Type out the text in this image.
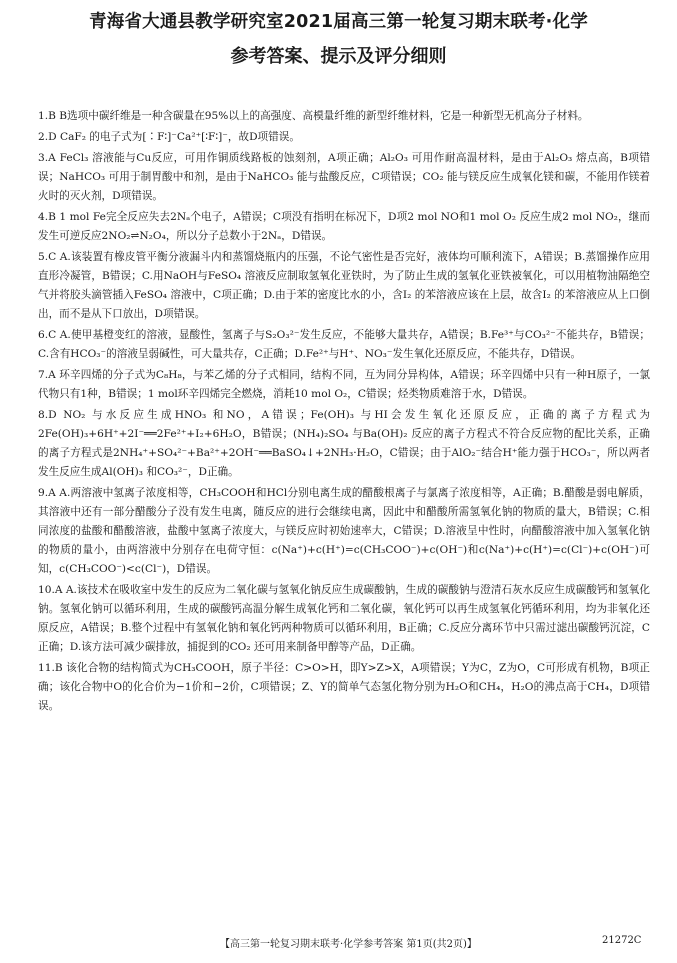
青海省大通县教学研究室2021届高三第一轮复习期末联考·化学
参考答案、提示及评分细则
1.B B选项中碳纤维是一种含碳量在95%以上的高强度、高模量纤维的新型纤维材料，它是一种新型无机高分子材料。
2.D CaF₂ 的电子式为[∶F∶]⁻Ca²⁺[∶F∶]⁻，故D项错误。
3.A FeCl₃ 溶液能与Cu反应，可用作铜质线路板的蚀刻剂，A项正确；Al₂O₃ 可用作耐高温材料，是由于Al₂O₃ 熔点高，B项错误；NaHCO₃ 可用于制胃酸中和剂，是由于NaHCO₃ 能与盐酸反应，C项错误；CO₂ 能与镁反应生成氧化镁和碳，不能用作镁着火时的灭火剂，D项错误。
4.B 1 mol Fe完全反应失去2Nₐ个电子，A错误；C项没有指明在标况下，D项2 mol NO和1 mol O₂ 反应生成2 mol NO₂，继而发生可逆反应2NO₂⇌N₂O₄，所以分子总数小于2Nₐ，D错误。
5.C A.该装置有橡皮管平衡分液漏斗内和蒸馏烧瓶内的压强，不论气密性是否完好，液体均可顺利流下，A错误；B.蒸馏操作应用直形冷凝管，B错误；C.用NaOH与FeSO₄ 溶液反应制取氢氧化亚铁时，为了防止生成的氢氧化亚铁被氧化，可以用植物油隔绝空气并将胶头滴管插入FeSO₄ 溶液中，C项正确；D.由于苯的密度比水的小，含I₂ 的苯溶液应该在上层，故含I₂ 的苯溶液应从上口倒出，而不是从下口放出，D项错误。
6.C A.使甲基橙变红的溶液，显酸性，氢离子与S₂O₃²⁻发生反应，不能够大量共存，A错误；B.Fe³⁺与CO₃²⁻不能共存，B错误；C.含有HCO₃⁻的溶液呈弱碱性，可大量共存，C正确；D.Fe²⁺与H⁺、NO₃⁻发生氧化还原反应，不能共存，D错误。
7.A 环辛四烯的分子式为C₈H₈，与苯乙烯的分子式相同，结构不同，互为同分异构体，A错误；环辛四烯中只有一种H原子，一氯代物只有1种，B错误；1 mol环辛四烯完全燃烧，消耗10 mol O₂，C错误；烃类物质难溶于水，D错误。
8.D NO₂ 与水反应生成HNO₃ 和NO，A错误；Fe(OH)₃ 与HI会发生氧化还原反应，正确的离子方程式为2Fe(OH)₃+6H⁺+2I⁻══2Fe²⁺+I₂+6H₂O，B错误；(NH₄)₂SO₄ 与Ba(OH)₂ 反应的离子方程式不符合反应物的配比关系，正确的离子方程式是2NH₄⁺+SO₄²⁻+Ba²⁺+2OH⁻══BaSO₄↓+2NH₃·H₂O，C错误；由于AlO₂⁻结合H⁺能力强于HCO₃⁻，所以两者发生反应生成Al(OH)₃ 和CO₃²⁻，D正确。
9.A A.两溶液中氢离子浓度相等，CH₃COOH和HCl分别电离生成的醋酸根离子与氯离子浓度相等，A正确；B.醋酸是弱电解质，其溶液中还有一部分醋酸分子没有发生电离，随反应的进行会继续电离，因此中和醋酸所需氢氧化钠的物质的量大，B错误；C.相同浓度的盐酸和醋酸溶液，盐酸中氢离子浓度大，与镁反应时初始速率大，C错误；D.溶液呈中性时，向醋酸溶液中加入氢氧化钠的物质的量小，由两溶液中分别存在电荷守恒：c(Na⁺)+c(H⁺)=c(CH₃COO⁻)+c(OH⁻)和c(Na⁺)+c(H⁺)=c(Cl⁻)+c(OH⁻)可知，c(CH₃COO⁻)<c(Cl⁻)，D错误。
10.A A.该技术在吸收室中发生的反应为二氧化碳与氢氧化钠反应生成碳酸钠，生成的碳酸钠与澄清石灰水反应生成碳酸钙和氢氧化钠。氢氧化钠可以循环利用，生成的碳酸钙高温分解生成氧化钙和二氧化碳，氧化钙可以再生成氢氧化钙循环利用，均为非氧化还原反应，A错误；B.整个过程中有氢氧化钠和氧化钙两种物质可以循环利用，B正确；C.反应分离环节中只需过滤出碳酸钙沉淀，C正确；D.该方法可减少碳排放，捕捉到的CO₂ 还可用来制备甲醇等产品，D正确。
11.B 该化合物的结构简式为CH₃COOH，原子半径：C>O>H，即Y>Z>X，A项错误；Y为C，Z为O，C可形成有机物，B项正确；该化合物中O的化合价为−1价和−2价，C项错误；Z、Y的简单气态氢化物分别为H₂O和CH₄，H₂O的沸点高于CH₄，D项错误。
【高三第一轮复习期末联考·化学参考答案 第1页(共2页)】	21272C
